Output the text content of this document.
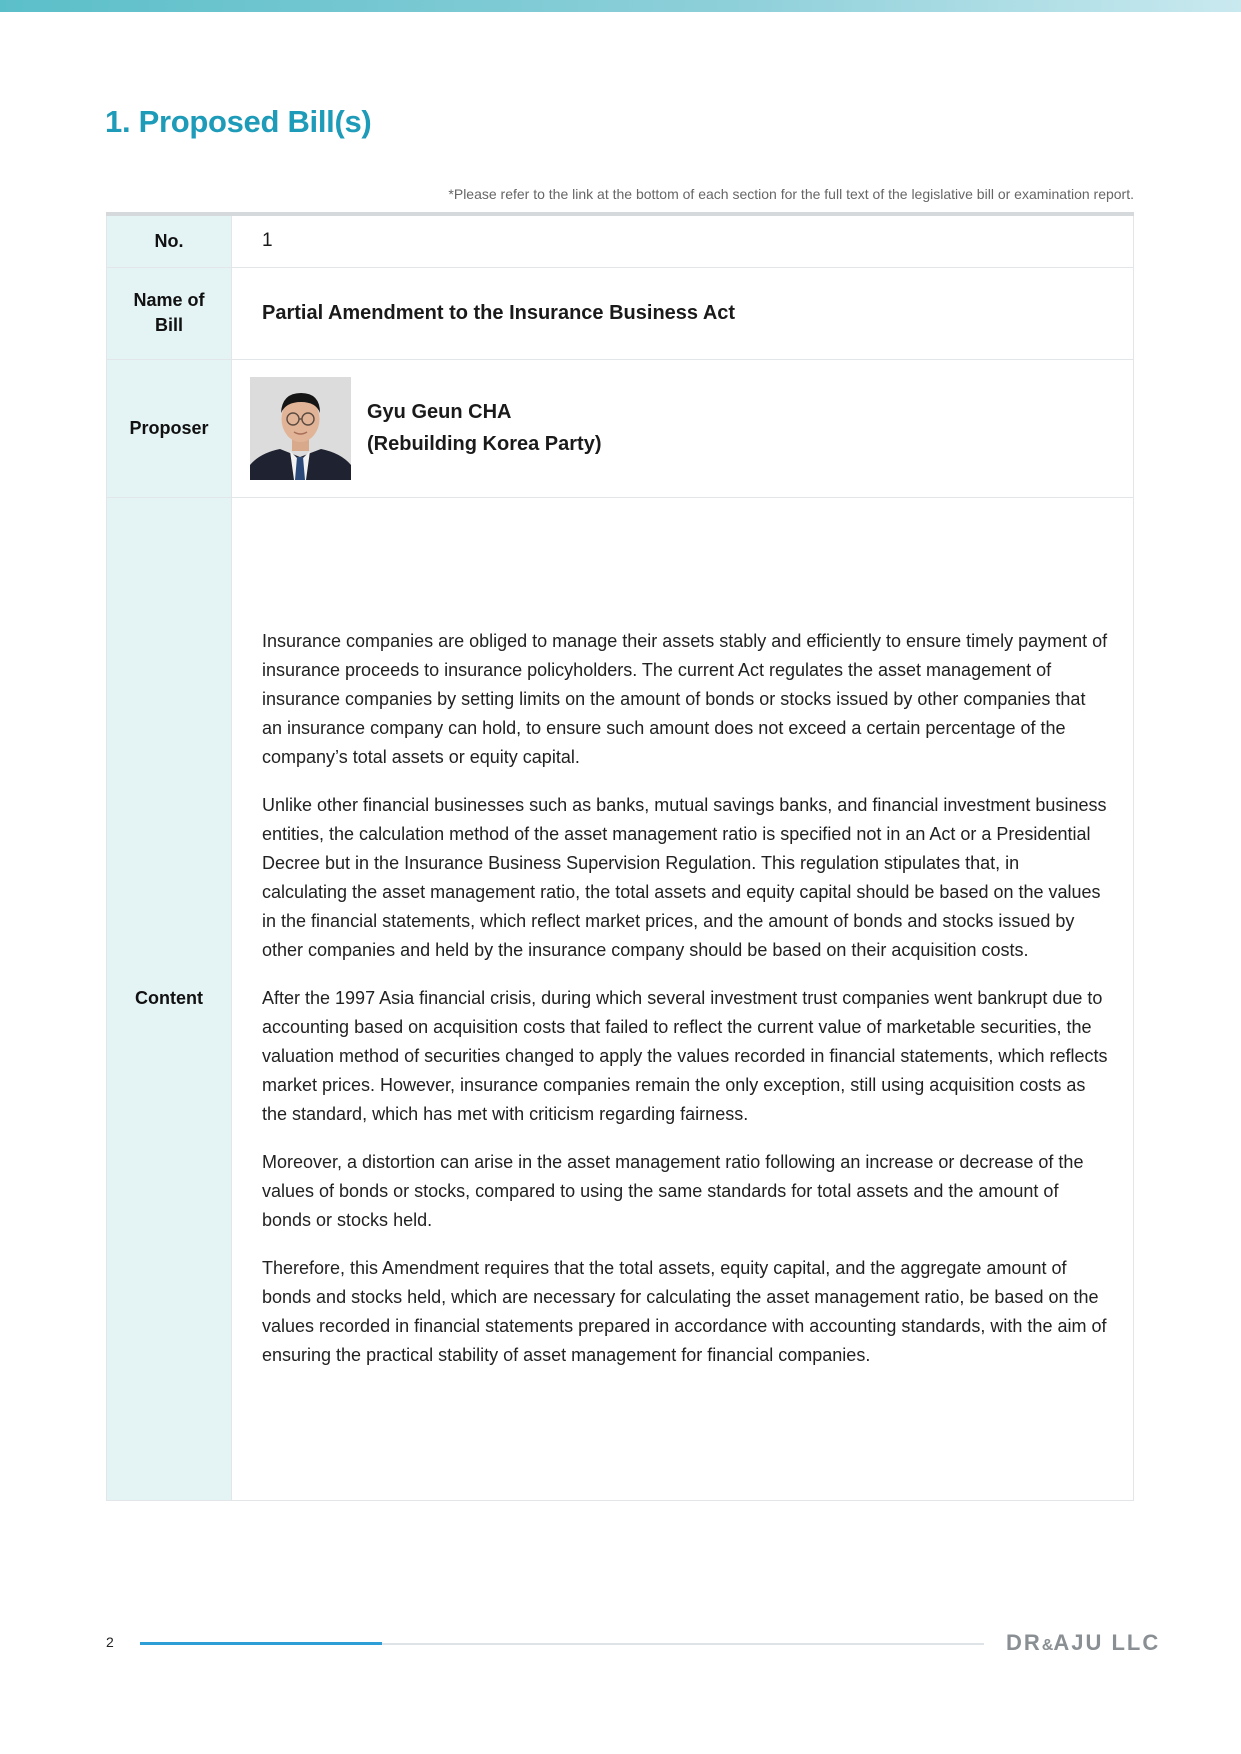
1. Proposed Bill(s)
*Please refer to the link at the bottom of each section for the full text of the legislative bill or examination report.
No.	1

Name of Bill	Partial Amendment to the Insurance Business Act
Proposer	Gyu Geun CHA
(Rebuilding Korea Party)

Content	Insurance companies are obliged to manage their assets stably and efficiently to ensure timely payment of insurance proceeds to insurance policyholders. The current Act regulates the asset management of insurance companies by setting limits on the amount of bonds or stocks issued by other companies that an insurance company can hold, to ensure such amount does not exceed a certain percentage of the company’s total assets or equity capital.

Unlike other financial businesses such as banks, mutual savings banks, and financial investment business entities, the calculation method of the asset management ratio is specified not in an Act or a Presidential Decree but in the Insurance Business Supervision Regulation. This regulation stipulates that, in calculating the asset management ratio, the total assets and equity capital should be based on the values in the financial statements, which reflect market prices, and the amount of bonds and stocks issued by other companies and held by the insurance company should be based on their acquisition costs.

After the 1997 Asia financial crisis, during which several investment trust companies went bankrupt due to accounting based on acquisition costs that failed to reflect the current value of marketable securities, the valuation method of securities changed to apply the values recorded in financial statements, which reflects market prices. However, insurance companies remain the only exception, still using acquisition costs as the standard, which has met with criticism regarding fairness.

Moreover, a distortion can arise in the asset management ratio following an increase or decrease of the values of bonds or stocks, compared to using the same standards for total assets and the amount of bonds or stocks held.

Therefore, this Amendment requires that the total assets, equity capital, and the aggregate amount of bonds and stocks held, which are necessary for calculating the asset management ratio, be based on the values recorded in financial statements prepared in accordance with accounting standards, with the aim of ensuring the practical stability of asset management for financial companies.

2	DR&AJU LLC
